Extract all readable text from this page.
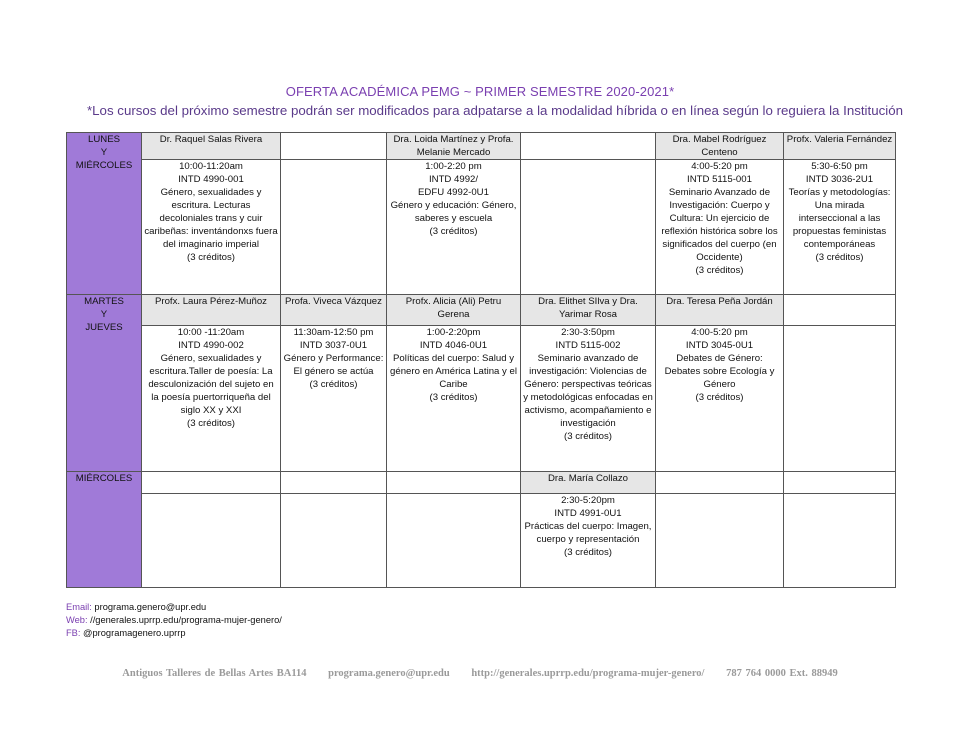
OFERTA ACADÉMICA PEMG ~ PRIMER SEMESTRE 2020-2021*
*Los cursos del próximo semestre podrán ser modificados para adpatarse a la modalidad híbrida o en línea según lo reguiera la Institución
LUNES
Y
MIÉRCOLES	Dr. Raquel Salas Rivera		Dra. Loida Martínez y Profa. Melanie Mercado		Dra. Mabel Rodríguez Centeno	Profx. Valeria Fernández
	10:00-11:20am
INTD 4990-001
Género, sexualidades y escritura. Lecturas decoloniales trans y cuir caribeñas: inventándonxs fuera del imaginario imperial
(3 créditos)		1:00-2:20 pm
INTD 4992/
EDFU 4992-0U1
Género y educación: Género, saberes y escuela
(3 créditos)		4:00-5:20 pm
INTD 5115-001
Seminario Avanzado de Investigación: Cuerpo y Cultura: Un ejercicio de reflexión histórica sobre los significados del cuerpo (en Occidente)
(3 créditos)	5:30-6:50 pm
INTD 3036-2U1
Teorías y metodologías: Una mirada interseccional a las propuestas feministas contemporáneas
(3 créditos)
MARTES
Y
JUEVES	Profx. Laura Pérez-Muñoz	Profa. Viveca Vázquez	Profx. Alicia (Ali) Petru Gerena	Dra. Elithet SIlva y Dra. Yarimar Rosa	Dra. Teresa Peña Jordán	
	10:00 -11:20am
INTD 4990-002
Género, sexualidades y escritura.Taller de poesía: La desculonización del sujeto en la poesía puertorriqueña del siglo XX y XXI
(3 créditos)	11:30am-12:50 pm
INTD 3037-0U1
Género y Performance: El género se actúa
(3 créditos)	1:00-2:20pm
INTD 4046-0U1
Políticas del cuerpo: Salud y género en América Latina y el Caribe
(3 créditos)	2:30-3:50pm
INTD 5115-002
Seminario avanzado de investigación: Violencias de Género: perspectivas teóricas y metodológicas enfocadas en activismo, acompañamiento e investigación
(3 créditos)	4:00-5:20 pm
INTD 3045-0U1
Debates de Género: Debates sobre Ecología y Género
(3 créditos)	
MIÉRCOLES				Dra. María Collazo		
				2:30-5:20pm
INTD 4991-0U1
Prácticas del cuerpo: Imagen, cuerpo y representación
(3 créditos)		
Email: programa.genero@upr.edu
Web: //generales.uprrp.edu/programa-mujer-genero/
FB: @programagenero.uprrp
Antiguos Talleres de Bellas Artes BA114 programa.genero@upr.edu http://generales.uprrp.edu/programa-mujer-genero/ 787 764 0000 Ext. 88949
